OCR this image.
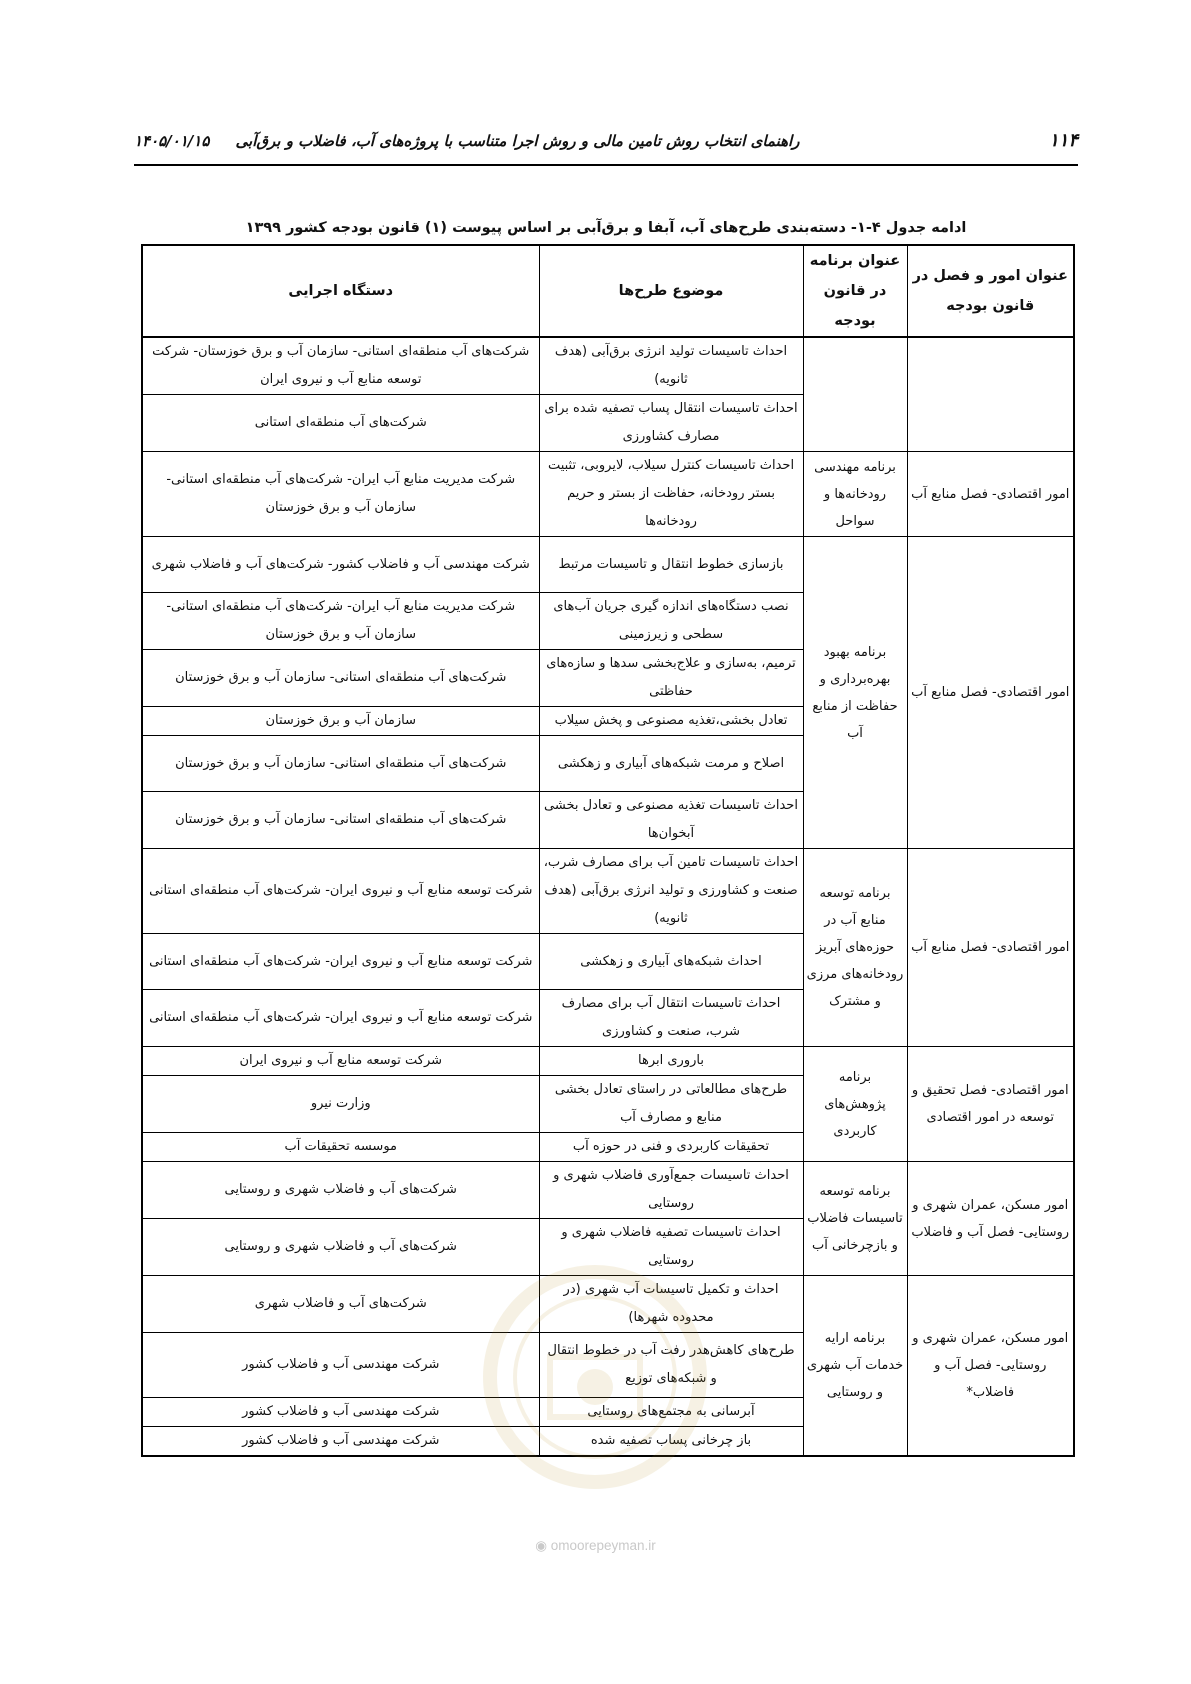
۱۱۴
راهنمای انتخاب روش تامین مالی و روش اجرا متناسب با پروژه‌های آب، فاضلاب و برق‌آبی     ۱۴۰۵/۰۱/۱۵
ادامه جدول ۴-۱- دسته‌بندی طرح‌های آب، آبفا و برق‌آبی بر اساس پیوست (۱) قانون بودجه کشور ۱۳۹۹
عنوان امور و فصل در قانون بودجه	عنوان برنامه در قانون بودجه	موضوع طرح‌ها	دستگاه اجرایی
		احداث تاسیسات تولید انرژی برق‌آبی (هدف ثانویه)	شرکت‌های آب منطقه‌ای استانی- سازمان آب و برق خوزستان- شرکت توسعه منابع آب و نیروی ایران
		احداث تاسیسات انتقال پساب تصفیه شده برای مصارف کشاورزی	شرکت‌های آب منطقه‌ای استانی
امور اقتصادی- فصل منابع آب	برنامه مهندسی رودخانه‌ها و سواحل	احداث تاسیسات کنترل سیلاب، لایروبی، تثبیت بستر رودخانه، حفاظت از بستر و حریم رودخانه‌ها	شرکت مدیریت منابع آب ایران- شرکت‌های آب منطقه‌ای استانی- سازمان آب و برق خوزستان
امور اقتصادی- فصل منابع آب	برنامه بهبود بهره‌برداری و حفاظت از منابع آب	بازسازی خطوط انتقال و تاسیسات مرتبط	شرکت مهندسی آب و فاضلاب کشور- شرکت‌های آب و فاضلاب شهری
		نصب دستگاه‌های اندازه گیری جریان آب‌های سطحی و زیرزمینی	شرکت مدیریت منابع آب ایران- شرکت‌های آب منطقه‌ای استانی- سازمان آب و برق خوزستان
		ترمیم، به‌سازی و علاج‌بخشی سدها و سازه‌های حفاظتی	شرکت‌های آب منطقه‌ای استانی- سازمان آب و برق خوزستان
		تعادل بخشی،تغذیه مصنوعی و پخش سیلاب	سازمان آب و برق خوزستان
		اصلاح و مرمت شبکه‌های آبیاری و زهکشی	شرکت‌های آب منطقه‌ای استانی- سازمان آب و برق خوزستان
		احداث تاسیسات تغذیه مصنوعی و تعادل بخشی آبخوان‌ها	شرکت‌های آب منطقه‌ای استانی- سازمان آب و برق خوزستان
امور اقتصادی- فصل منابع آب	برنامه توسعه منابع آب در حوزه‌های آبریز رودخانه‌های مرزی و مشترک	احداث تاسیسات تامین آب برای مصارف شرب، صنعت و کشاورزی و تولید انرژی برق‌آبی (هدف ثانویه)	شرکت توسعه منابع آب و نیروی ایران- شرکت‌های آب منطقه‌ای استانی
		احداث شبکه‌های آبیاری و زهکشی	شرکت توسعه منابع آب و نیروی ایران- شرکت‌های آب منطقه‌ای استانی
		احداث تاسیسات انتقال آب برای مصارف شرب، صنعت و کشاورزی	شرکت توسعه منابع آب و نیروی ایران- شرکت‌های آب منطقه‌ای استانی
امور اقتصادی- فصل تحقیق و توسعه در امور اقتصادی	برنامه پژوهش‌های کاربردی	باروری ابرها	شرکت توسعه منابع آب و نیروی ایران
		طرح‌های مطالعاتی در راستای تعادل بخشی منابع و مصارف آب	وزارت نیرو
		تحقیقات کاربردی و فنی در حوزه آب	موسسه تحقیقات آب
امور مسکن، عمران شهری و روستایی- فصل آب و فاضلاب	برنامه توسعه تاسیسات فاضلاب و بازچرخانی آب	احداث تاسیسات جمع‌آوری فاضلاب شهری و روستایی	شرکت‌های آب و فاضلاب شهری و روستایی
		احداث تاسیسات تصفیه فاضلاب شهری و روستایی	شرکت‌های آب و فاضلاب شهری و روستایی
امور مسکن، عمران شهری و روستایی- فصل آب و فاضلاب*	برنامه ارایه خدمات آب شهری و روستایی	احداث و تکمیل تاسیسات آب شهری (در محدوده شهرها)	شرکت‌های آب و فاضلاب شهری
		طرح‌های کاهش‌هدر رفت آب در خطوط انتقال و شبکه‌های توزیع	شرکت مهندسی آب و فاضلاب کشور
		آبرسانی به مجتمع‌های روستایی	شرکت مهندسی آب و فاضلاب کشور
		باز چرخانی پساب تصفیه شده	شرکت مهندسی آب و فاضلاب کشور
◉ omoorepeyman.ir
